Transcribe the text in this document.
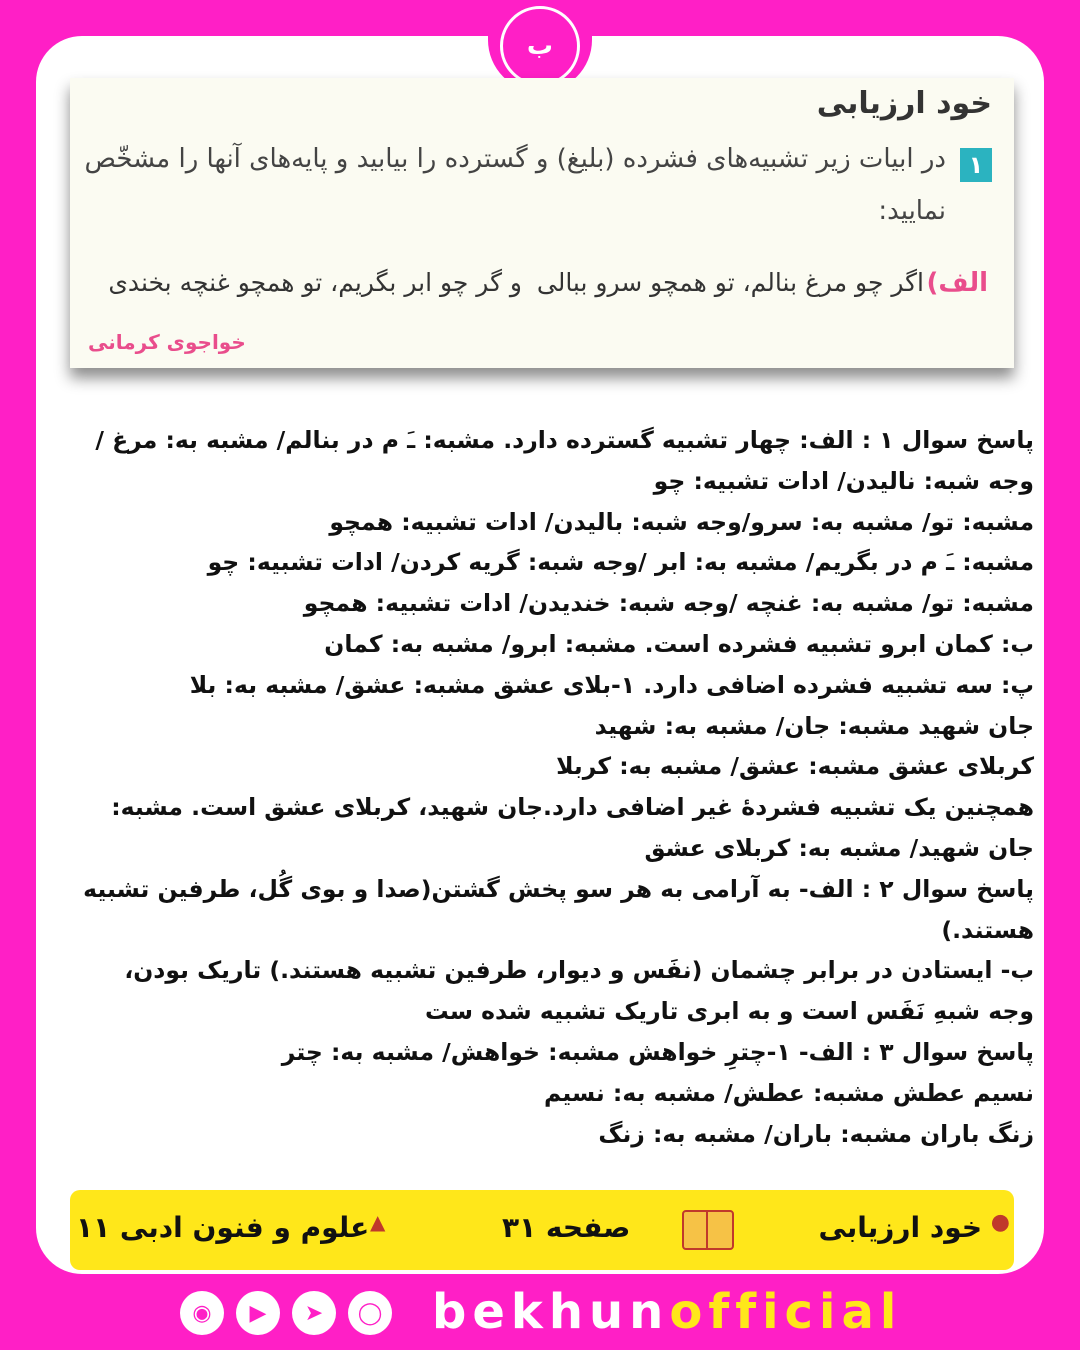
ب
خود ارزیابی
۱
در ابیات زیر تشبیه‌های فشرده (بلیغ) و گسترده را بیابید و پایه‌های آنها را مشخّص
نمایید:
الف)
اگر چو مرغ بنالم، تو همچو سرو ببالی
و گر چو ابر بگریم، تو همچو غنچه بخندی
خواجوی کرمانی
پاسخ سوال ۱ : الف: چهار تشبیه گسترده دارد. مشبه: ـَ م در بنالم/ مشبه به: مرغ /
وجه شبه: نالیدن/ ادات تشبیه: چو
مشبه: تو/ مشبه به: سرو/وجه شبه: بالیدن/ ادات تشبیه: همچو
مشبه: ـَ م در بگریم/ مشبه به: ابر /وجه شبه: گریه کردن/ ادات تشبیه: چو
مشبه: تو/ مشبه به: غنچه /وجه شبه: خندیدن/ ادات تشبیه: همچو
ب: کمان ابرو تشبیه فشرده است. مشبه: ابرو/ مشبه به: کمان
پ: سه تشبیه فشرده اضافی دارد. ۱-بلای عشق مشبه: عشق/ مشبه به: بلا
جان شهید مشبه: جان/ مشبه به: شهید
کربلای عشق مشبه: عشق/ مشبه به: کربلا
همچنین یک تشبیه فشردۀ غیر اضافی دارد.جان شهید، کربلای عشق است. مشبه:
جان شهید/ مشبه به: کربلای عشق
پاسخ سوال ۲ : الف- به آرامی به هر سو پخش گشتن(صدا و بوی گُل، طرفین تشبیه
هستند.)
ب- ایستادن در برابر چشمان (نفَس و دیوار، طرفین تشبیه هستند.) تاریک بودن،
وجه شبهِ نَفَس است و به ابری تاریک تشبیه شده ست
پاسخ سوال ۳ : الف- ۱-چترِ خواهش مشبه: خواهش/ مشبه به: چتر
نسیم عطش مشبه: عطش/ مشبه به: نسیم
زنگ باران مشبه: باران/ مشبه به: زنگ
●
خود ارزیابی
صفحه ۳۱
▲
علوم و فنون ادبی ۱۱
◉	▶	➤	◯ bekhunofficial
